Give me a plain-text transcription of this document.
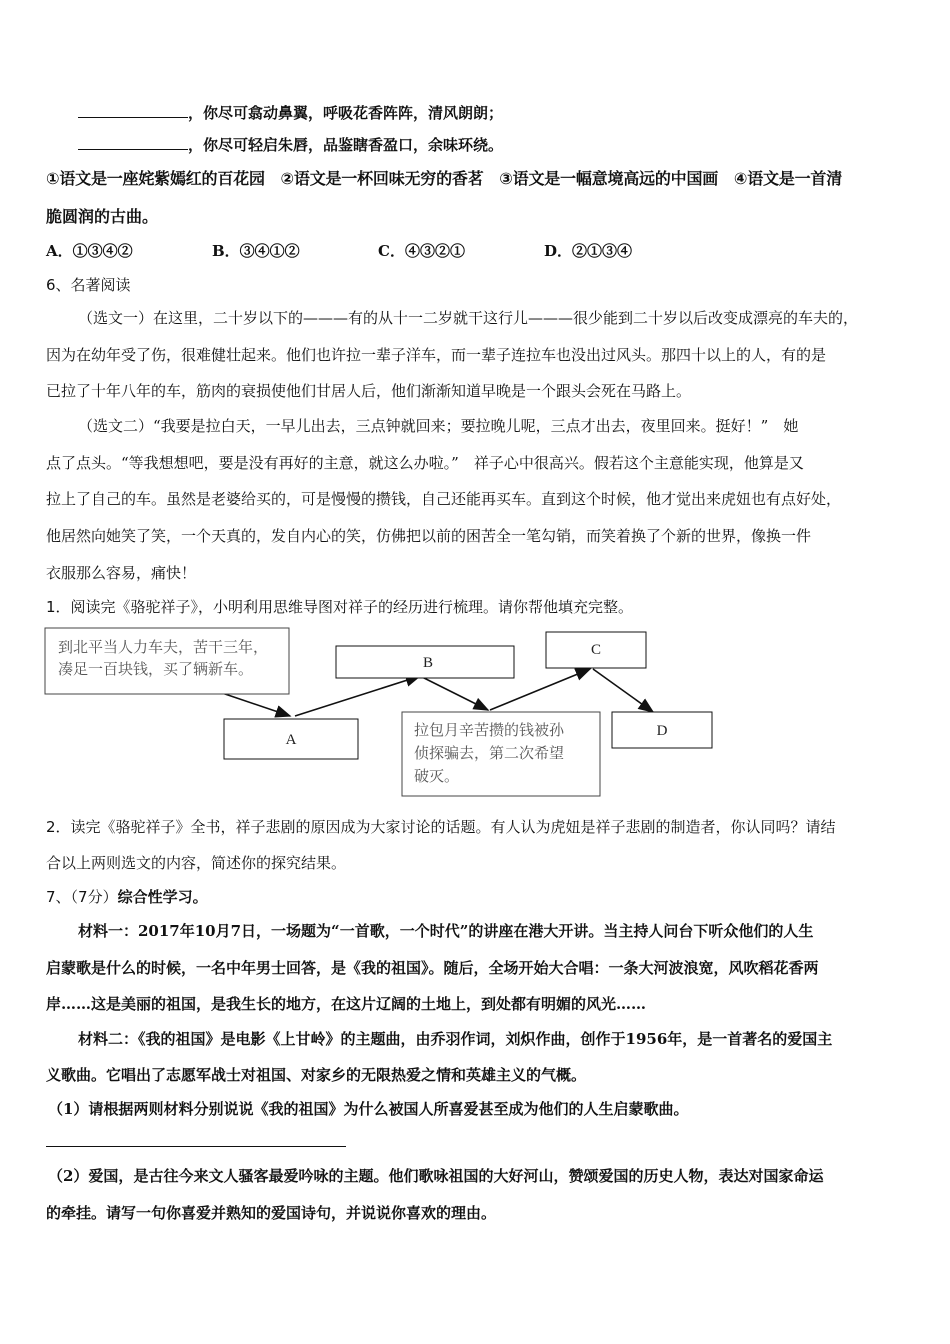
，你尽可翕动鼻翼，呼吸花香阵阵，清风朗朗；
，你尽可轻启朱唇，品鉴瞎香盈口，余味环绕。
①语文是一座姹紫嫣红的百花园　②语文是一杯回味无穷的香茗　③语文是一幅意境高远的中国画　④语文是一首清
脆圆润的古曲。
A．①③④②	B．③④①②	C．④③②①	D．②①③④
6、名著阅读
（选文一）在这里，二十岁以下的———有的从十一二岁就干这行儿———很少能到二十岁以后改变成漂亮的车夫的，
因为在幼年受了伤，很难健壮起来。他们也许拉一辈子洋车，而一辈子连拉车也没出过风头。那四十以上的人，有的是
已拉了十年八年的车，筋肉的衰损使他们甘居人后，他们渐渐知道早晚是一个跟头会死在马路上。
（选文二）“我要是拉白天，一早儿出去，三点钟就回来；要拉晚儿呢，三点才出去，夜里回来。挺好！”　她
点了点头。“等我想想吧，要是没有再好的主意，就这么办啦。”　祥子心中很高兴。假若这个主意能实现，他算是又
拉上了自己的车。虽然是老婆给买的，可是慢慢的攒钱，自己还能再买车。直到这个时候，他才觉出来虎妞也有点好处，
他居然向她笑了笑，一个天真的，发自内心的笑，仿佛把以前的困苦全一笔勾销，而笑着换了个新的世界，像换一件
衣服那么容易，痛快！
1．阅读完《骆驼祥子》，小明利用思维导图对祥子的经历进行梳理。请你帮他填充完整。
到北平当人力车夫，苦干三年，
凑足一百块钱，买了辆新车。
A
B
拉包月辛苦攒的钱被孙
侦探骗去，第二次希望
破灭。
C
D
2．读完《骆驼祥子》全书，祥子悲剧的原因成为大家讨论的话题。有人认为虎妞是祥子悲剧的制造者，你认同吗？请结
合以上两则选文的内容，简述你的探究结果。
7、（7分）综合性学习。
材料一：2017年10月7日，一场题为“一首歌，一个时代”的讲座在港大开讲。当主持人问台下听众他们的人生
启蒙歌是什么的时候，一名中年男士回答，是《我的祖国》。随后，全场开始大合唱：一条大河波浪宽，风吹稻花香两
岸……这是美丽的祖国，是我生长的地方，在这片辽阔的土地上，到处都有明媚的风光……
材料二：《我的祖国》是电影《上甘岭》的主题曲，由乔羽作词，刘炽作曲，创作于1956年，是一首著名的爱国主
义歌曲。它唱出了志愿军战士对祖国、对家乡的无限热爱之情和英雄主义的气概。
（1）请根据两则材料分别说说《我的祖国》为什么被国人所喜爱甚至成为他们的人生启蒙歌曲。
（2）爱国，是古往今来文人骚客最爱吟咏的主题。他们歌咏祖国的大好河山，赞颂爱国的历史人物，表达对国家命运
的牵挂。请写一句你喜爱并熟知的爱国诗句，并说说你喜欢的理由。
